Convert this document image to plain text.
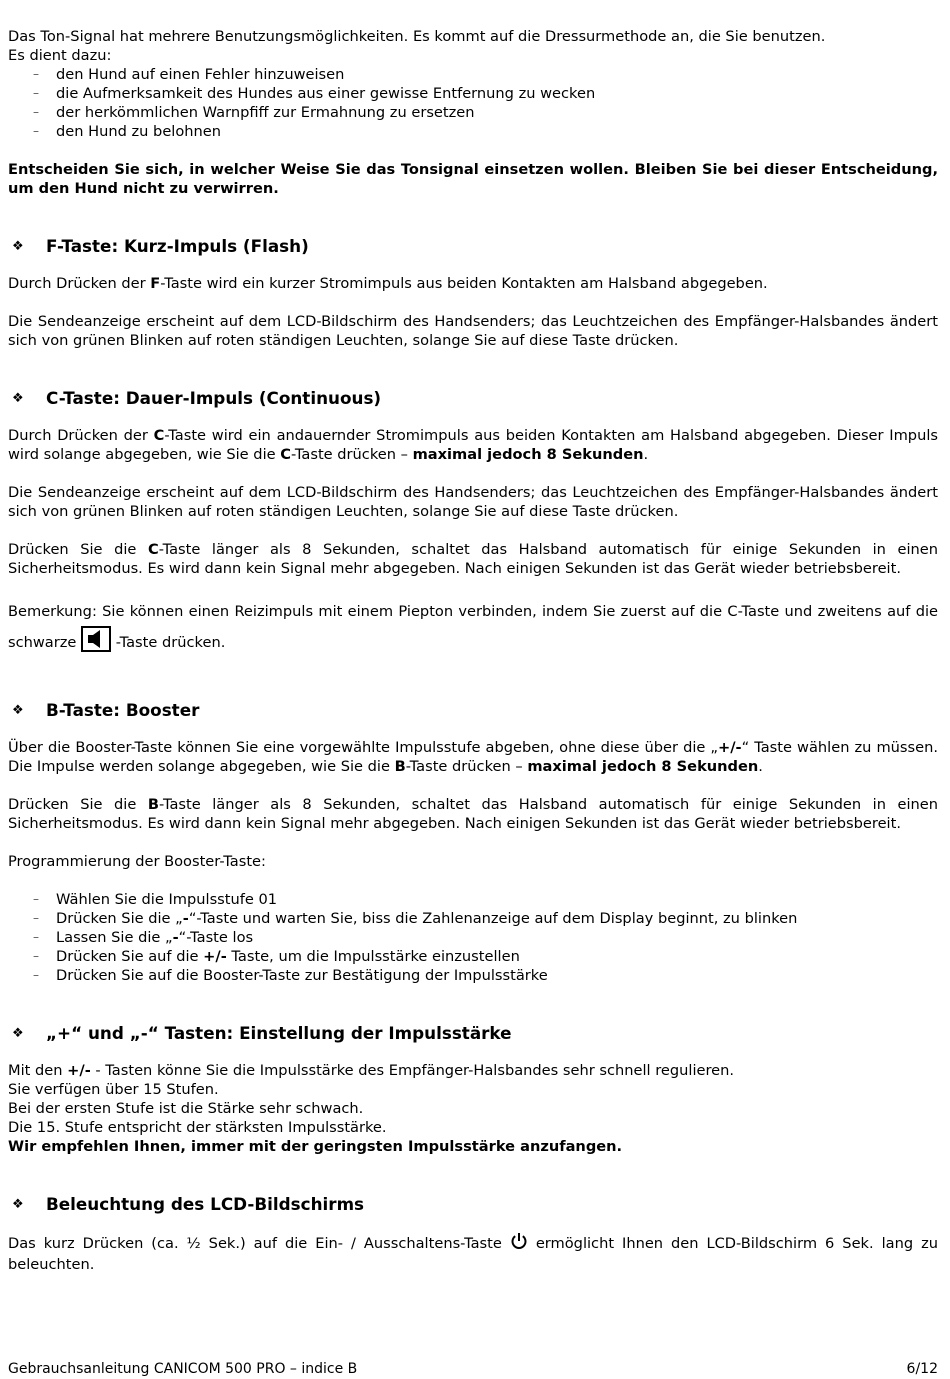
Das Ton-Signal hat mehrere Benutzungsmöglichkeiten. Es kommt auf die Dressurmethode an, die Sie benutzen.

Es dient dazu:

– den Hund auf einen Fehler hinzuweisen
– die Aufmerksamkeit des Hundes aus einer gewisse Entfernung zu wecken
– der herkömmlichen Warnpfiff zur Ermahnung zu ersetzen
– den Hund zu belohnen

Entscheiden Sie sich, in welcher Weise Sie das Tonsignal einsetzen wollen. Bleiben Sie bei dieser Entscheidung, um den Hund nicht zu verwirren.

❖	F-Taste: Kurz-Impuls (Flash)

Durch Drücken der F-Taste wird ein kurzer Stromimpuls aus beiden Kontakten am Halsband abgegeben.

Die Sendeanzeige erscheint auf dem LCD-Bildschirm des Handsenders; das Leuchtzeichen des Empfänger-Halsbandes ändert sich von grünen Blinken auf roten ständigen Leuchten, solange Sie auf diese Taste drücken.

❖	C-Taste: Dauer-Impuls (Continuous)

Durch Drücken der C-Taste wird ein andauernder Stromimpuls aus beiden Kontakten am Halsband abgegeben. Dieser Impuls wird solange abgegeben, wie Sie die C-Taste drücken – maximal jedoch 8 Sekunden.

Die Sendeanzeige erscheint auf dem LCD-Bildschirm des Handsenders; das Leuchtzeichen des Empfänger-Halsbandes ändert sich von grünen Blinken auf roten ständigen Leuchten, solange Sie auf diese Taste drücken.

Drücken Sie die C-Taste länger als 8 Sekunden, schaltet das Halsband automatisch für einige Sekunden in einen Sicherheitsmodus. Es wird dann kein Signal mehr abgegeben. Nach einigen Sekunden ist das Gerät wieder betriebsbereit.

Bemerkung: Sie können einen Reizimpuls mit einem Piepton verbinden, indem Sie zuerst auf die C-Taste und zweitens auf die schwarze	-Taste drücken.

❖	B-Taste: Booster

Über die Booster-Taste können Sie eine vorgewählte Impulsstufe abgeben, ohne diese über die „+/-“ Taste wählen zu müssen. Die Impulse werden solange abgegeben, wie Sie die B-Taste drücken – maximal jedoch 8 Sekunden.

Drücken Sie die B-Taste länger als 8 Sekunden, schaltet das Halsband automatisch für einige Sekunden in einen Sicherheitsmodus. Es wird dann kein Signal mehr abgegeben. Nach einigen Sekunden ist das Gerät wieder betriebsbereit.

Programmierung der Booster-Taste:

– Wählen Sie die Impulsstufe 01
– Drücken Sie die „-“-Taste und warten Sie, biss die Zahlenanzeige auf dem Display beginnt, zu blinken
– Lassen Sie die „-“-Taste los
– Drücken Sie auf die +/- Taste, um die Impulsstärke einzustellen
– Drücken Sie auf die Booster-Taste zur Bestätigung der Impulsstärke
❖	„+“ und „-“ Tasten: Einstellung der Impulsstärke

Mit den +/- - Tasten könne Sie die Impulsstärke des Empfänger-Halsbandes sehr schnell regulieren.

Sie verfügen über 15 Stufen.

Bei der ersten Stufe ist die Stärke sehr schwach.

Die 15. Stufe entspricht der stärksten Impulsstärke.

Wir empfehlen Ihnen, immer mit der geringsten Impulsstärke anzufangen.

❖	Beleuchtung des LCD-Bildschirms

Das kurz Drücken (ca. ½ Sek.) auf die Ein- / Ausschaltens-Taste ermöglicht Ihnen den LCD-Bildschirm 6 Sek. lang zu beleuchten.

Gebrauchsanleitung CANICOM 500 PRO – indice B	6/12
